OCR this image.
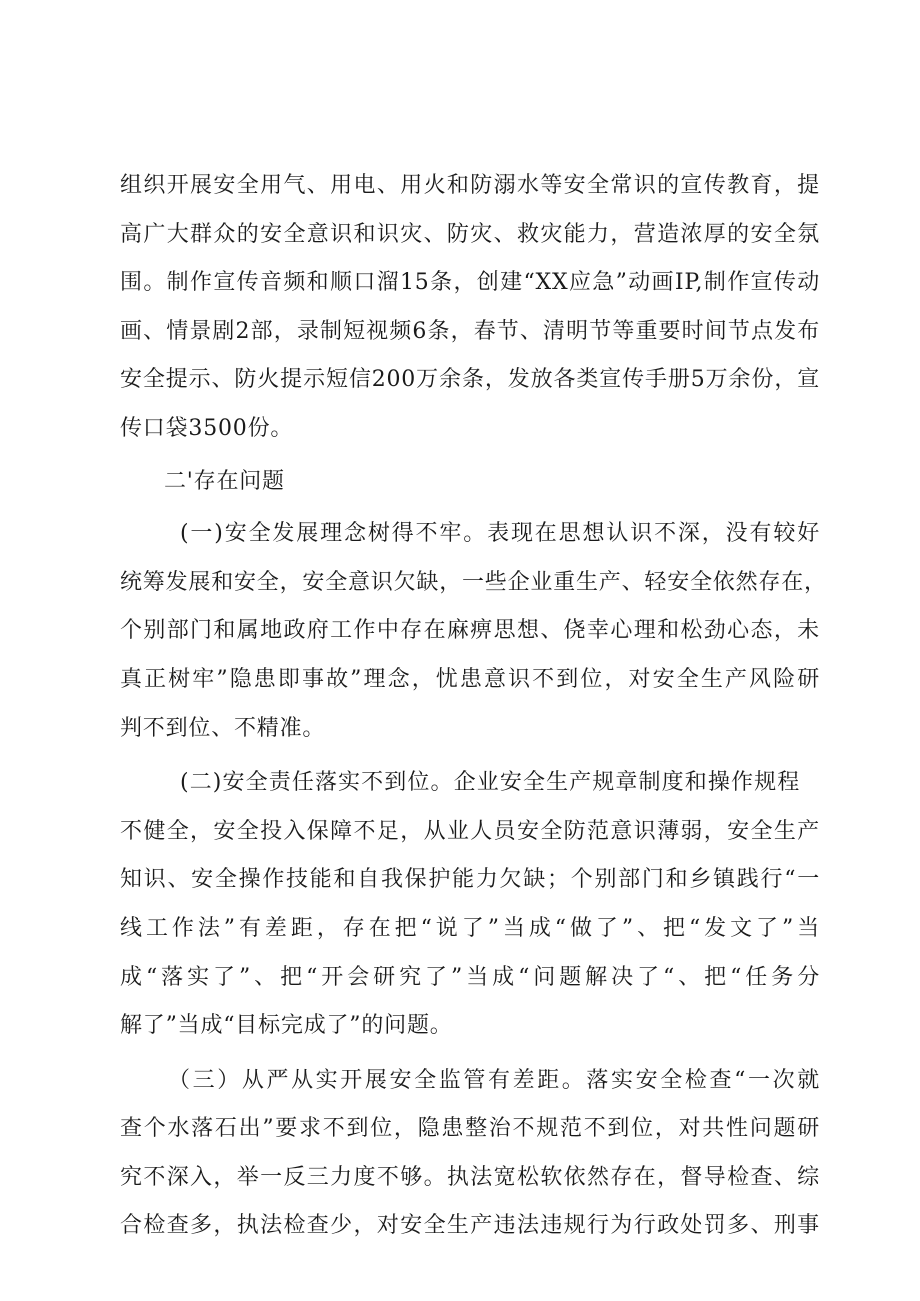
组织开展安全用气、用电、用火和防溺水等安全常识的宣传教育，提
高广大群众的安全意识和识灾、防灾、救灾能力，营造浓厚的安全氛
围。制作宣传音频和顺口溜15条，创建“XX应急”动画IP,制作宣传动
画、情景剧2部，录制短视频6条，春节、清明节等重要时间节点发布
安全提示、防火提示短信200万余条，发放各类宣传手册5万余份，宣
传口袋3500份。
二'存在问题
(一)安全发展理念树得不牢。表现在思想认识不深，没有较好
统筹发展和安全，安全意识欠缺，一些企业重生产、轻安全依然存在，
个别部门和属地政府工作中存在麻痹思想、侥幸心理和松劲心态，未
真正树牢”隐患即事故”理念，忧患意识不到位，对安全生产风险研
判不到位、不精准。
(二)安全责任落实不到位。企业安全生产规章制度和操作规程
不健全，安全投入保障不足，从业人员安全防范意识薄弱，安全生产
知识、安全操作技能和自我保护能力欠缺；个别部门和乡镇践行“一
线工作法”有差距，存在把“说了”当成“做了”、把“发文了”当
成“落实了”、把“开会研究了”当成“问题解决了“、把“任务分
解了”当成“目标完成了”的问题。
（三）从严从实开展安全监管有差距。落实安全检查“一次就
查个水落石出”要求不到位，隐患整治不规范不到位，对共性问题研
究不深入，举一反三力度不够。执法宽松软依然存在，督导检查、综
合检查多，执法检查少，对安全生产违法违规行为行政处罚多、刑事
